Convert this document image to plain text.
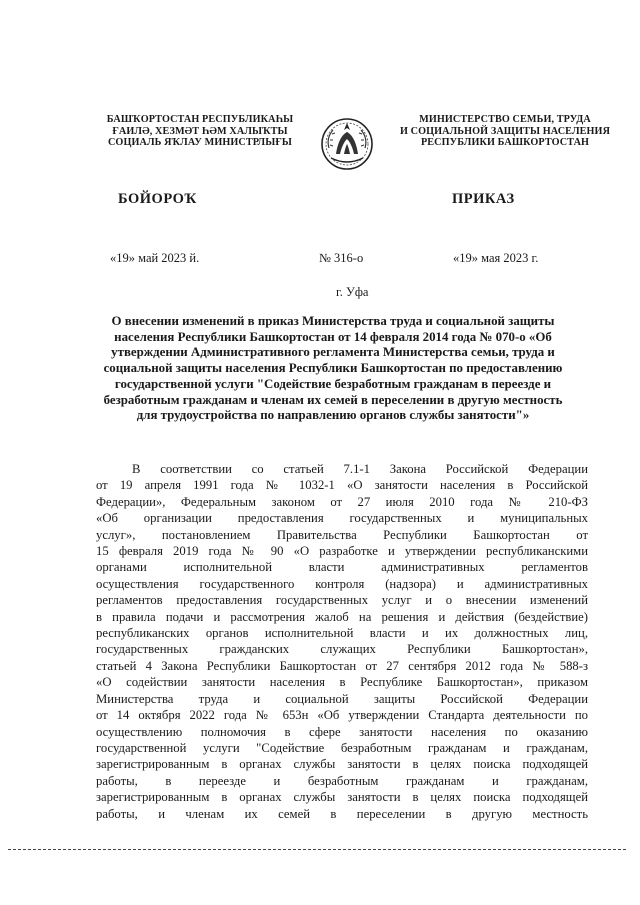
БАШҠОРТОСТАН РЕСПУБЛИКАҺЫ
ҒАИЛӘ, ХЕЗМӘТ ҺӘМ ХАЛЫҠТЫ
СОЦИАЛЬ ЯҠЛАУ МИНИСТРЛЫҒЫ
МИНИСТЕРСТВО СЕМЬИ, ТРУДА
И СОЦИАЛЬНОЙ ЗАЩИТЫ НАСЕЛЕНИЯ
РЕСПУБЛИКИ БАШКОРТОСТАН
БОЙОРОҠ	ПРИКАЗ
«19» май 2023 й.	№ 316-о	«19» мая 2023 г.
г. Уфа
О внесении изменений в приказ Министерства труда и социальной защиты населения Республики Башкортостан от 14 февраля 2014 года № 070-о «Об утверждении Административного регламента Министерства семьи, труда и социальной защиты населения Республики Башкортостан по предоставлению государственной услуги "Содействие безработным гражданам в переезде и безработным гражданам и членам их семей в переселении в другую местность для трудоустройства по направлению органов службы занятости"»
В соответствии со статьей 7.1-1 Закона Российской Федерации
от 19 апреля 1991 года № 1032-1 «О занятости населения в Российской
Федерации», Федеральным законом от 27 июля 2010 года № 210-ФЗ
«Об организации предоставления государственных и муниципальных
услуг», постановлением Правительства Республики Башкортостан от
15 февраля 2019 года № 90 «О разработке и утверждении республиканскими
органами исполнительной власти административных регламентов
осуществления государственного контроля (надзора) и административных
регламентов предоставления государственных услуг и о внесении изменений
в правила подачи и рассмотрения жалоб на решения и действия (бездействие)
республиканских органов исполнительной власти и их должностных лиц,
государственных гражданских служащих Республики Башкортостан»,
статьей 4 Закона Республики Башкортостан от 27 сентября 2012 года № 588-з
«О содействии занятости населения в Республике Башкортостан», приказом
Министерства труда и социальной защиты Российской Федерации
от 14 октября 2022 года № 653н «Об утверждении Стандарта деятельности по
осуществлению полномочия в сфере занятости населения по оказанию
государственной услуги "Содействие безработным гражданам и гражданам,
зарегистрированным в органах службы занятости в целях поиска подходящей
работы, в переезде и безработным гражданам и гражданам,
зарегистрированным в органах службы занятости в целях поиска подходящей
работы, и членам их семей в переселении в другую местность
